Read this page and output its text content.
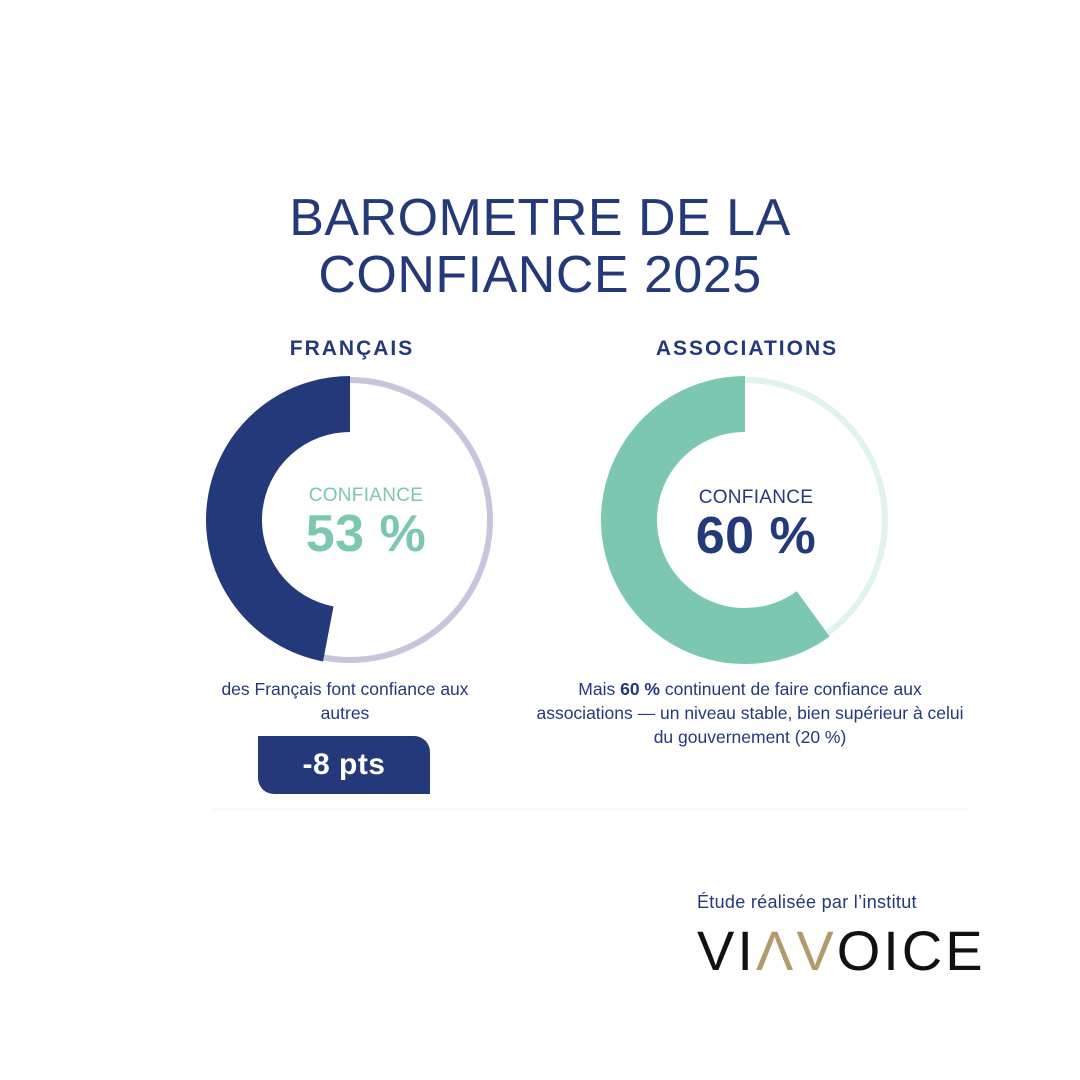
BAROMETRE DE LA
CONFIANCE 2025
FRANÇAIS
CONFIANCE
53 %

des Français font confiance aux autres

-8 pts
ASSOCIATIONS
CONFIANCE
60 %

Mais 60 % continuent de faire confiance aux associations — un niveau stable, bien supérieur à celui du gouvernement (20 %)

Étude réalisée par l’institut

VIΛVOICE
